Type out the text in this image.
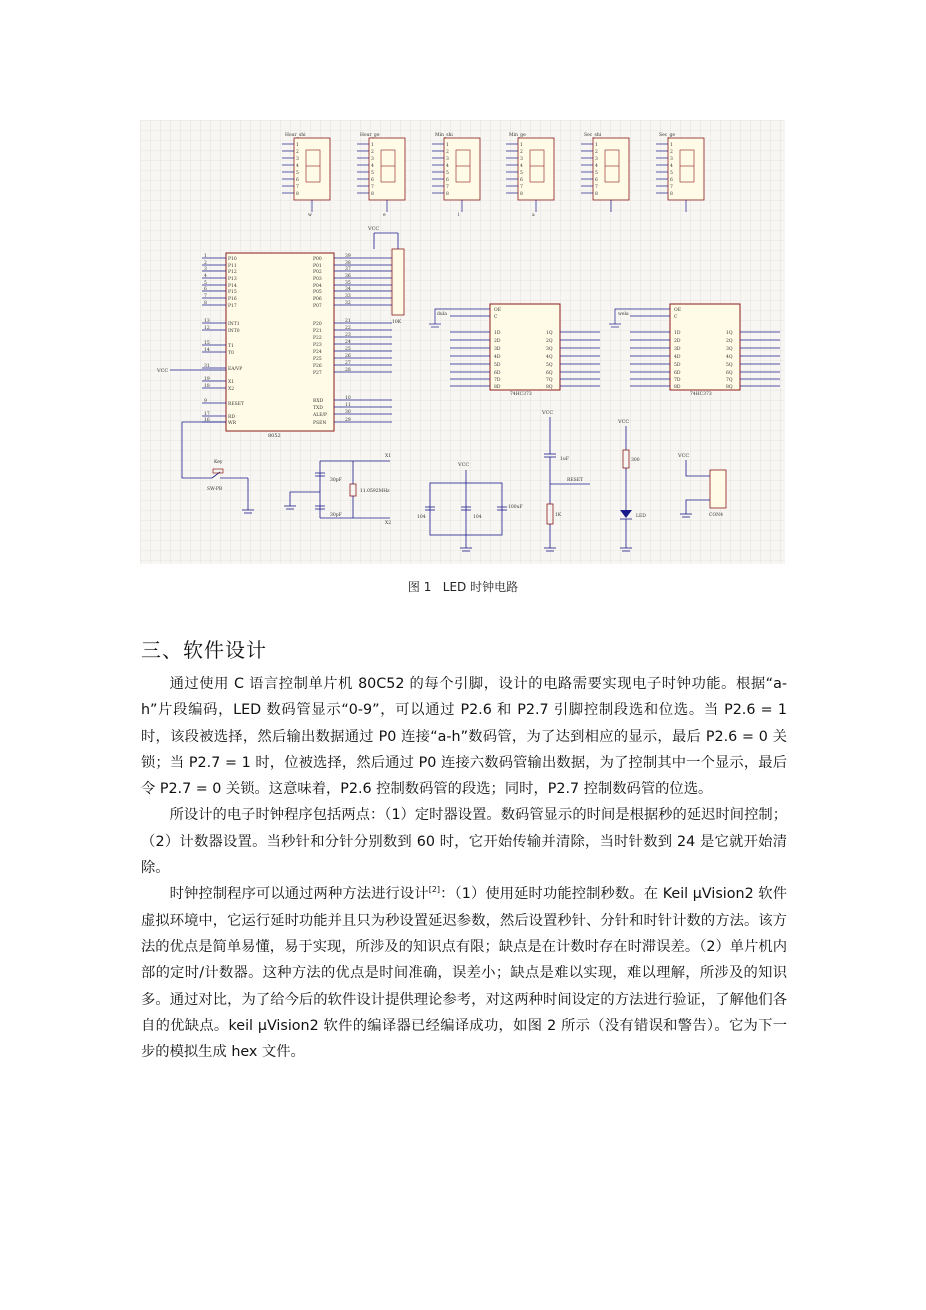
Hour_shi
1
2
3
4
5
6
7
8
w
Hour_ge
1
2
3
4
5
6
7
8
e
Min_shi
1
2
3
4
5
6
7
8
l
Min_ge
1
2
3
4
5
6
7
8
a
Sec_shi
1
2
3
4
5
6
7
8
Sec_ge
1
2
3
4
5
6
7
8
P10
1
P11
2
P12
3
P13
4
P14
5
P15
6
P16
7
P17
8
INT1
13
INT0
12
T1
15
T0
14
EA/VP
31
X1
19
X2
18
RESET
9
RD
17
WR
16
P00
39
P01
38
P02
37
P03
36
P04
35
P05
34
P06
33
P07
32
P20
21
P21
22
P22
23
P23
24
P24
25
P25
26
P26
27
P27
28
RXD
10
TXD
11
ALE/P
30
PSEN
29
8052
VCC
10K
OE
C
1D
2D
3D
4D
5D
6D
7D
8D
1Q
2Q
3Q
4Q
5Q
6Q
7Q
8Q
74HC373
OE
C
1D
2D
3D
4D
5D
6D
7D
8D
1Q
2Q
3Q
4Q
5Q
6Q
7Q
8Q
74HC373
dula	wela
VCC
Key
SW-PB
30pF
30pF
11.0592MHz
X1
X2
VCC
104	104
100uF
VCC
1uF
RESET
1K
VCC
300
LED
VCC
CON4
图 1 LED 时钟电路
三、软件设计

通过使用 C 语言控制单片机 80C52 的每个引脚，设计的电路需要实现电子时钟功能。根据“a-h”片段编码，LED 数码管显示“0-9”，可以通过 P2.6 和 P2.7 引脚控制段选和位选。当 P2.6 = 1 时，该段被选择，然后输出数据通过 P0 连接“a-h”数码管，为了达到相应的显示，最后 P2.6 = 0 关锁；当 P2.7 = 1 时，位被选择，然后通过 P0 连接六数码管输出数据，为了控制其中一个显示，最后令 P2.7 = 0 关锁。这意味着，P2.6 控制数码管的段选；同时，P2.7 控制数码管的位选。

所设计的电子时钟程序包括两点：（1）定时器设置。数码管显示的时间是根据秒的延迟时间控制；（2）计数器设置。当秒针和分针分别数到 60 时，它开始传输并清除，当时针数到 24 是它就开始清除。

时钟控制程序可以通过两种方法进行设计[2]：（1）使用延时功能控制秒数。在 Keil μVision2 软件虚拟环境中，它运行延时功能并且只为秒设置延迟参数，然后设置秒针、分针和时针计数的方法。该方法的优点是简单易懂，易于实现，所涉及的知识点有限；缺点是在计数时存在时滞误差。（2）单片机内部的定时/计数器。这种方法的优点是时间准确，误差小；缺点是难以实现，难以理解，所涉及的知识多。通过对比，为了给今后的软件设计提供理论参考，对这两种时间设定的方法进行验证，了解他们各自的优缺点。keil μVision2 软件的编译器已经编译成功，如图 2 所示（没有错误和警告）。它为下一步的模拟生成 hex 文件。
